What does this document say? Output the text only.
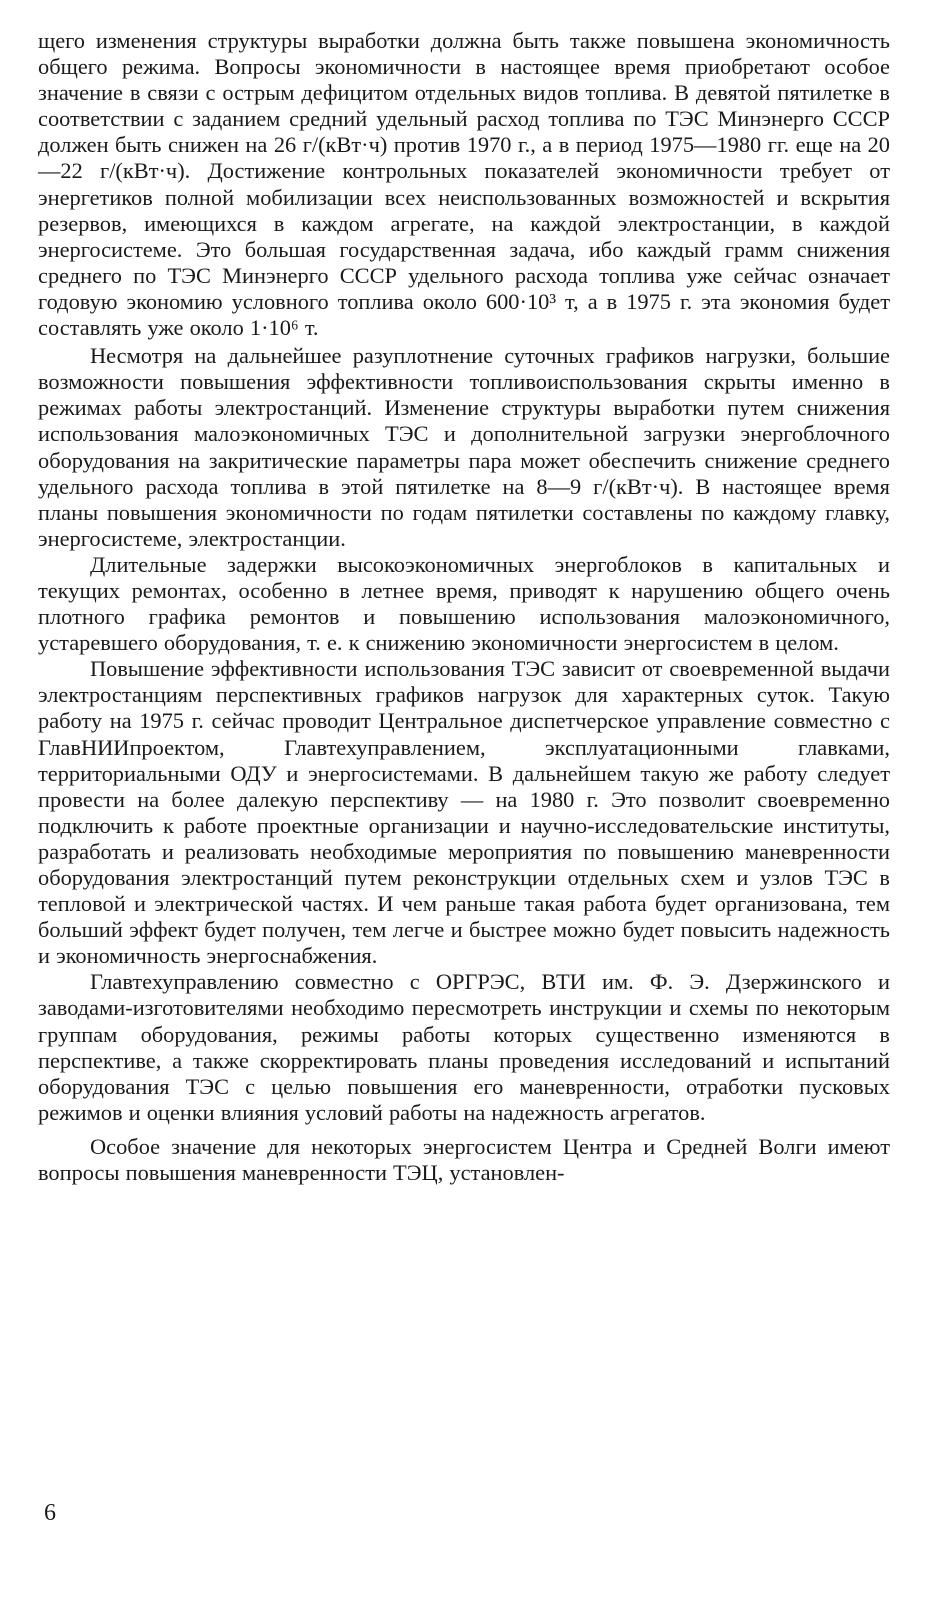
щего изменения структуры выработки должна быть также повышена экономичность общего режима. Вопросы экономичности в настоящее время приобретают особое значение в связи с острым дефицитом отдельных видов топлива. В девятой пятилетке в соответствии с заданием средний удельный расход топлива по ТЭС Минэнерго СССР должен быть снижен на 26 г/(кВт·ч) против 1970 г., а в период 1975—1980 гг. еще на 20—22 г/(кВт·ч). Достижение контрольных показателей экономичности требует от энергетиков полной мобилизации всех неиспользованных возможностей и вскрытия резервов, имеющихся в каждом агрегате, на каждой электростанции, в каждой энергосистеме. Это большая государственная задача, ибо каждый грамм снижения среднего по ТЭС Минэнерго СССР удельного расхода топлива уже сейчас означает годовую экономию условного топлива около 600·10³ т, а в 1975 г. эта экономия будет составлять уже около 1·10⁶ т.

Несмотря на дальнейшее разуплотнение суточных графиков нагрузки, большие возможности повышения эффективности топливоиспользования скрыты именно в режимах работы электростанций. Изменение структуры выработки путем снижения использования малоэкономичных ТЭС и дополнительной загрузки энергоблочного оборудования на закритические параметры пара может обеспечить снижение среднего удельного расхода топлива в этой пятилетке на 8—9 г/(кВт·ч). В настоящее время планы повышения экономичности по годам пятилетки составлены по каждому главку, энергосистеме, электростанции.

Длительные задержки высокоэкономичных энергоблоков в капитальных и текущих ремонтах, особенно в летнее время, приводят к нарушению общего очень плотного графика ремонтов и повышению использования малоэкономичного, устаревшего оборудования, т. е. к снижению экономичности энергосистем в целом.

Повышение эффективности использования ТЭС зависит от своевременной выдачи электростанциям перспективных графиков нагрузок для характерных суток. Такую работу на 1975 г. сейчас проводит Центральное диспетчерское управление совместно с ГлавНИИпроектом, Главтехуправлением, эксплуатационными главками, территориальными ОДУ и энергосистемами. В дальнейшем такую же работу следует провести на более далекую перспективу — на 1980 г. Это позволит своевременно подключить к работе проектные организации и научно-исследовательские институты, разработать и реализовать необходимые мероприятия по повышению маневренности оборудования электростанций путем реконструкции отдельных схем и узлов ТЭС в тепловой и электрической частях. И чем раньше такая работа будет организована, тем больший эффект будет получен, тем легче и быстрее можно будет повысить надежность и экономичность энергоснабжения.

Главтехуправлению совместно с ОРГРЭС, ВТИ им. Ф. Э. Дзержинского и заводами-изготовителями необходимо пересмотреть инструкции и схемы по некоторым группам оборудования, режимы работы которых существенно изменяются в перспективе, а также скорректировать планы проведения исследований и испытаний оборудования ТЭС с целью повышения его маневренности, отработки пусковых режимов и оценки влияния условий работы на надежность агрегатов.

Особое значение для некоторых энергосистем Центра и Средней Волги имеют вопросы повышения маневренности ТЭЦ, установлен-

6
